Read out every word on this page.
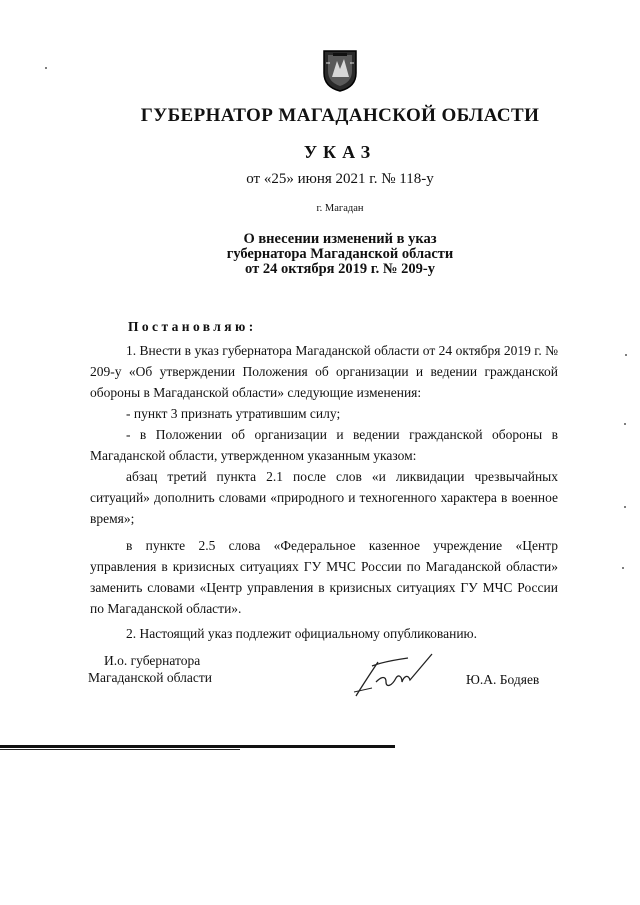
ГУБЕРНАТОР МАГАДАНСКОЙ ОБЛАСТИ
УКАЗ
от «25» июня 2021 г. № 118-у
г. Магадан
О внесении изменений в указ
губернатора Магаданской области
от 24 октября 2019 г. № 209-у
Постановляю:
1. Внести в указ губернатора Магаданской области от 24 октября 2019 г. № 209-у «Об утверждении Положения об организации и ведении гражданской обороны в Магаданской области» следующие изменения:
- пункт 3 признать утратившим силу;
- в Положении об организации и ведении гражданской обороны в Магаданской области, утвержденном указанным указом:
абзац третий пункта 2.1 после слов «и ликвидации чрезвычайных ситуаций» дополнить словами «природного и техногенного характера в военное время»;
в пункте 2.5 слова «Федеральное казенное учреждение «Центр управления в кризисных ситуациях ГУ МЧС России по Магаданской области» заменить словами «Центр управления в кризисных ситуациях ГУ МЧС России по Магаданской области».
2. Настоящий указ подлежит официальному опубликованию.
И.о. губернатора
Магаданской области	Ю.А. Бодяев
